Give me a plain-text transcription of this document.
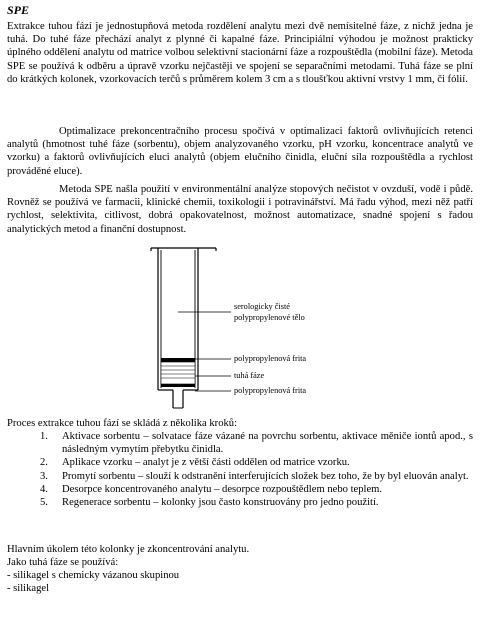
SPE

Extrakce tuhou fází je jednostupňová metoda rozdělení analytu mezi dvě nemísitelné fáze, z nichž jedna je tuhá. Do tuhé fáze přechází analyt z plynné či kapalné fáze. Principiální výhodou je možnost prakticky úplného oddělení analytu od matrice volbou selektivní stacionární fáze a rozpouštědla (mobilní fáze). Metoda SPE se používá k odběru a úpravě vzorku nejčastěji ve spojení se separačními metodami. Tuhá fáze se plní do krátkých kolonek, vzorkovacích terčů s průměrem kolem 3 cm a s tloušťkou aktivní vrstvy 1 mm, či fólií.

Optimalizace prekoncentračního procesu spočívá v optimalizaci faktorů ovlivňujících retenci analytů (hmotnost tuhé fáze (sorbentu), objem analyzovaného vzorku, pH vzorku, koncentrace analytů ve vzorku) a faktorů ovlivňujících eluci analytů (objem elučního činidla, eluční síla rozpouštědla a rychlost prováděné eluce).

Metoda SPE našla použití v environmentální analýze stopových nečistot v ovzduší, vodě i půdě. Rovněž se používá ve farmacii, klinické chemii, toxikologii i potravinářství. Má řadu výhod, mezi něž patří rychlost, selektivita, citlivost, dobrá opakovatelnost, možnost automatizace, snadné spojení s řadou analytických metod a finanční dostupnost.

serologicky čisté
polypropylenové tělo
polypropylenová frita
tuhá fáze
polypropylenová frita
Proces extrakce tuhou fází se skládá z několika kroků:
1. Aktivace sorbentu – solvatace fáze vázané na povrchu sorbentu, aktivace měniče iontů apod., s následným vymytím přebytku činidla.
2. Aplikace vzorku – analyt je z větší části oddělen od matrice vzorku.
3. Promytí sorbentu – slouží k odstranění interferujících složek bez toho, že by byl eluován analyt.
4. Desorpce koncentrovaného analytu – desorpce rozpouštědlem nebo teplem.
5. Regenerace sorbentu – kolonky jsou často konstruovány pro jedno použití.
Hlavním úkolem této kolonky je zkoncentrování analytu.
Jako tuhá fáze se používá:
- silikagel s chemicky vázanou skupinou
- silikagel
